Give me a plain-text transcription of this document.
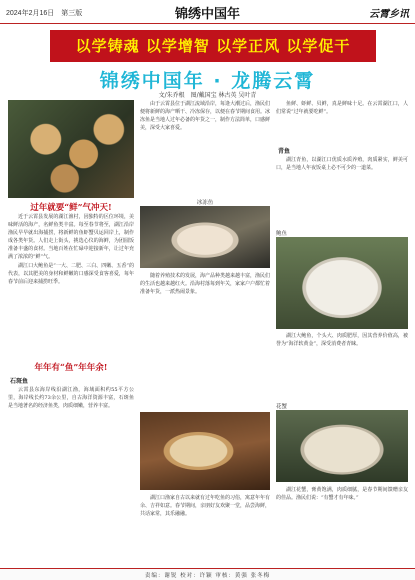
2024年2月16日　第三版	锦绣中国年	云霄乡讯
以学铸魂 以学增智 以学正风 以学促干
锦绣中国年 · 龙腾云霄
文/朱乔根　图/戴国宝 林古英 吴叶青
过年就要“鲜”气冲天!

近于云霄县发展的湖江渔村，因独特的区位环境，美味鲜活的海产，名鲜鱼类丰富。每至春节将至，湖江沿岸渔民早早就出海捕捞，将新鲜的鱼虾蟹贝运回岸上，制作成各类年货。人们走上街头，挑选心仪的海鲜，为团圆饭准备丰盛的食材。当地百姓在忙碌中迎接新年，让过年充满了浓浓的“鲜”气。

湖江口大鲍鱼是“一大、二肥、三白、四嫩、五香”的代表，以其肥美的身材和鲜嫩的口感深受食客喜爱，每年春节前后迎来捕捞旺季。

年年有“鱼”年年余!
石斑鱼

云霄县东海岸线沿湖江渔，海域面积约55平方公里，海岸线长约73余公里，自古海洋资源丰富，石斑鱼是当地著名的经济鱼类，肉质细嫩，营养丰富。

由于云霄县位于湖江流域沿岸，每逢大潮过后，渔民们便将新鲜的海产晒干、冷冻保存，以便在春节期间食用。冰冻鱼是当地人过年必备的年货之一，制作方法简单，口感鲜美，深受大家喜爱。

冰冻鱼

随着养殖技术的发展，海产品种类越来越丰富，渔民们的生活也越来越红火。沿海村落每到年关，家家户户都忙着准备年货，一派热闹景象。

湖江口渔家自古以来就有过年吃鱼的习俗，寓意年年有余、吉祥如意。春节期间，亲朋好友欢聚一堂，品尝海鲜，共话家常，其乐融融。

鱼鲜、虾鲜、贝鲜，真是鲜味十足。在云霄湖江口，人们常说“过年就要吃鲜”。

青鱼

湖江青鱼，以湖江口优质水质养殖，肉质紧实，鲜美可口，是当地人年夜饭桌上必不可少的一道菜。

鲍鱼

湖江大鲍鱼，个头大、肉质肥厚，因其营养价值高，被誉为“海洋软黄金”，深受消费者青睐。

花蟹

湖江花蟹，膏黄饱满，肉质细腻，是春节期间馈赠亲友的佳品。渔民们说：“有蟹才有年味。”

责编：谢锐 校对：许颖 审核：黄强 张冬梅
